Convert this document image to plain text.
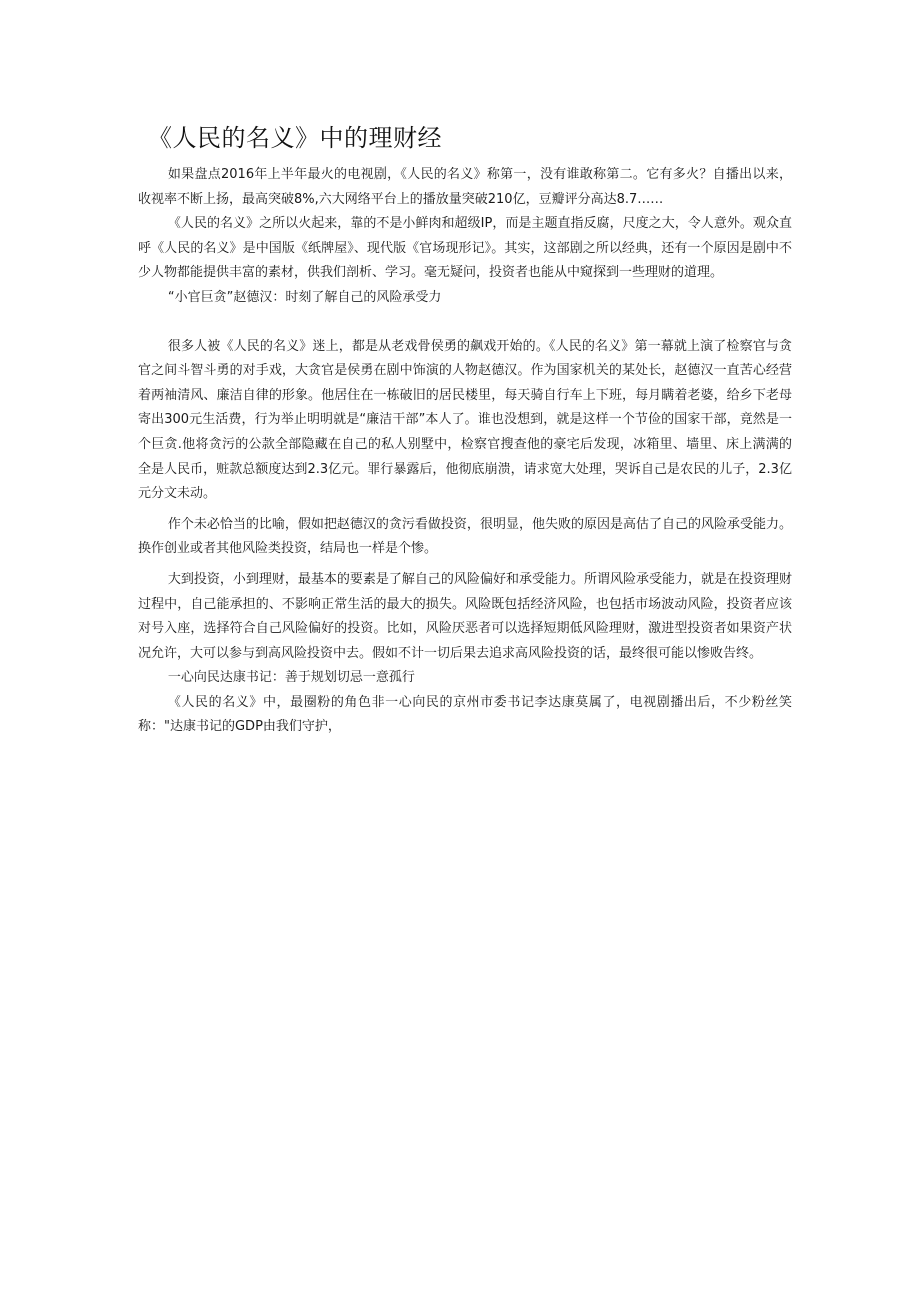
《人民的名义》中的理财经

如果盘点2016年上半年最火的电视剧，《人民的名义》称第一，没有谁敢称第二。它有多火？自播出以来，收视率不断上扬，最高突破8%,六大网络平台上的播放量突破210亿，豆瓣评分高达8.7……

《人民的名义》之所以火起来，靠的不是小鲜肉和超级IP，而是主题直指反腐，尺度之大，令人意外。观众直呼《人民的名义》是中国版《纸牌屋》、现代版《官场现形记》。其实，这部剧之所以经典，还有一个原因是剧中不少人物都能提供丰富的素材，供我们剖析、学习。毫无疑问，投资者也能从中窥探到一些理财的道理。

“小官巨贪”赵德汉：时刻了解自己的风险承受力

很多人被《人民的名义》迷上，都是从老戏骨侯勇的飙戏开始的。《人民的名义》第一幕就上演了检察官与贪官之间斗智斗勇的对手戏，大贪官是侯勇在剧中饰演的人物赵德汉。作为国家机关的某处长，赵德汉一直苦心经营着两袖清风、廉洁自律的形象。他居住在一栋破旧的居民楼里，每天骑自行车上下班，每月瞒着老婆，给乡下老母寄出300元生活费，行为举止明明就是“廉洁干部”本人了。谁也没想到，就是这样一个节俭的国家干部，竟然是一个巨贪.他将贪污的公款全部隐藏在自己的私人别墅中，检察官搜查他的豪宅后发现，冰箱里、墙里、床上满满的全是人民币，赃款总额度达到2.3亿元。罪行暴露后，他彻底崩溃，请求宽大处理，哭诉自己是农民的儿子，2.3亿元分文未动。

作个未必恰当的比喻，假如把赵德汉的贪污看做投资，很明显，他失败的原因是高估了自己的风险承受能力。换作创业或者其他风险类投资，结局也一样是个惨。

大到投资，小到理财，最基本的要素是了解自己的风险偏好和承受能力。所谓风险承受能力，就是在投资理财过程中，自己能承担的、不影响正常生活的最大的损失。风险既包括经济风险，也包括市场波动风险，投资者应该对号入座，选择符合自己风险偏好的投资。比如，风险厌恶者可以选择短期低风险理财，激进型投资者如果资产状况允许，大可以参与到高风险投资中去。假如不计一切后果去追求高风险投资的话，最终很可能以惨败告终。

一心向民达康书记：善于规划切忌一意孤行

《人民的名义》中，最圈粉的角色非一心向民的京州市委书记李达康莫属了，电视剧播出后，不少粉丝笑称："达康书记的GDP由我们守护，
